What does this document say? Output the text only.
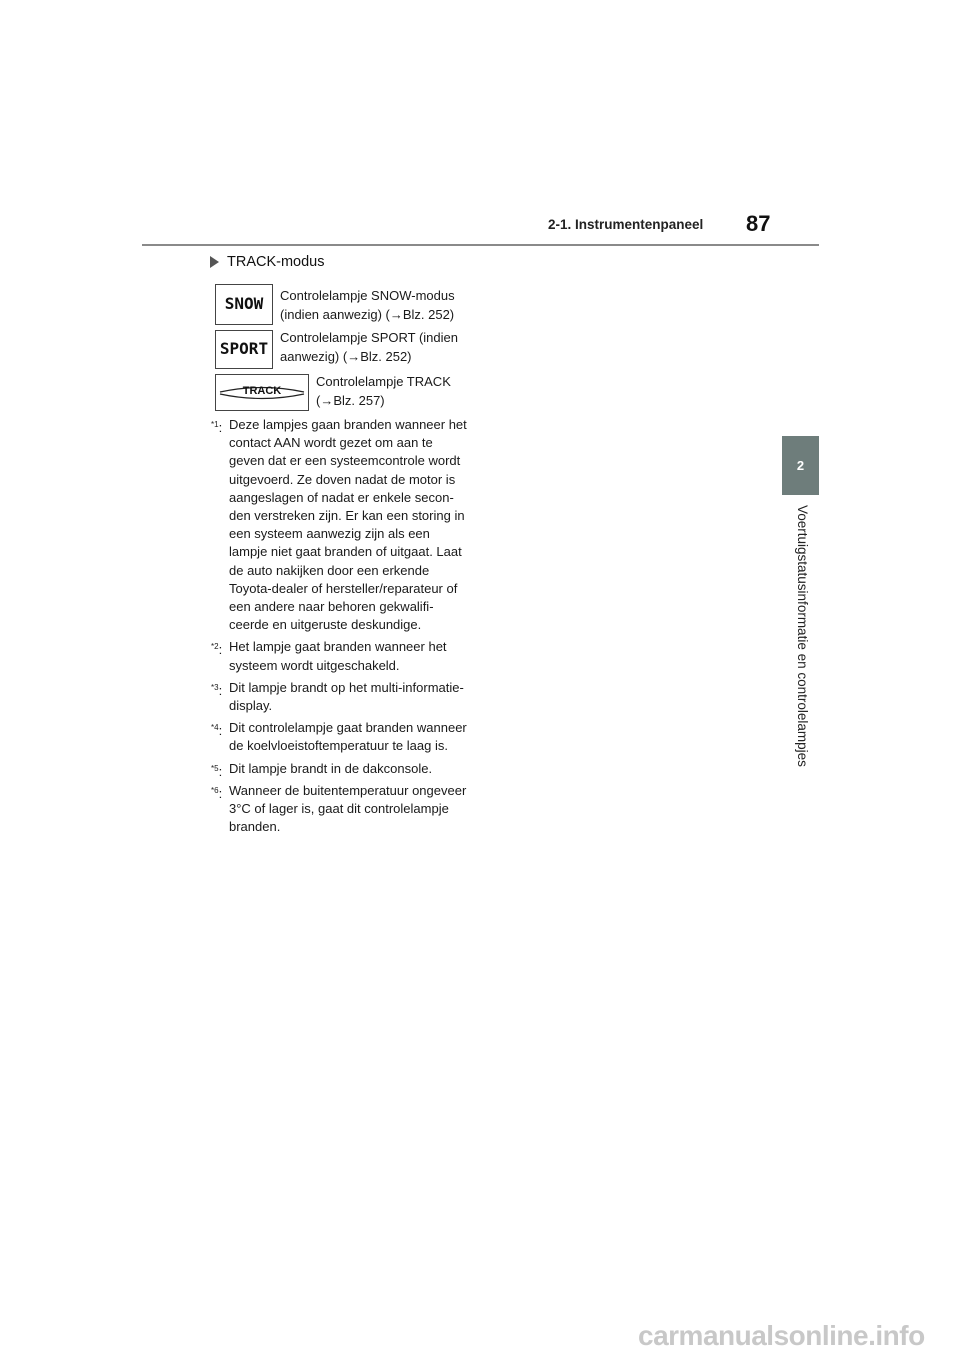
2-1. Instrumentenpaneel 87
2
Voertuigstatusinformatie en controlelampjes
TRACK-modus
SNOW	Controlelampje SNOW-modus
(indien aanwezig) (→Blz. 252)
SPORT
Controlelampje SPORT (indien
aanwezig) (→Blz. 252)
TRACK
Controlelampje TRACK
(→Blz. 257)
$^{*1}$: Deze lampjes gaan branden wanneer het contact AAN wordt gezet om aan te geven dat er een systeemcontrole wordt uitgevoerd. Ze doven nadat de motor is aangeslagen of nadat er enkele secon-den verstreken zijn. Er kan een storing in een systeem aanwezig zijn als een lampje niet gaat branden of uitgaat. Laat de auto nakijken door een erkende Toyota-dealer of hersteller/reparateur of een andere naar behoren gekwalifi-ceerde en uitgeruste deskundige.
$^{*2}$: Het lampje gaat branden wanneer het systeem wordt uitgeschakeld.
$^{*3}$: Dit lampje brandt op het multi-informatie-display.
$^{*4}$: Dit controlelampje gaat branden wanneer de koelvloeistoftemperatuur te laag is.
$^{*5}$: Dit lampje brandt in de dakconsole.
$^{*6}$: Wanneer de buitentemperatuur ongeveer 3°C of lager is, gaat dit controlelampje branden.
carmanualsonline.info
